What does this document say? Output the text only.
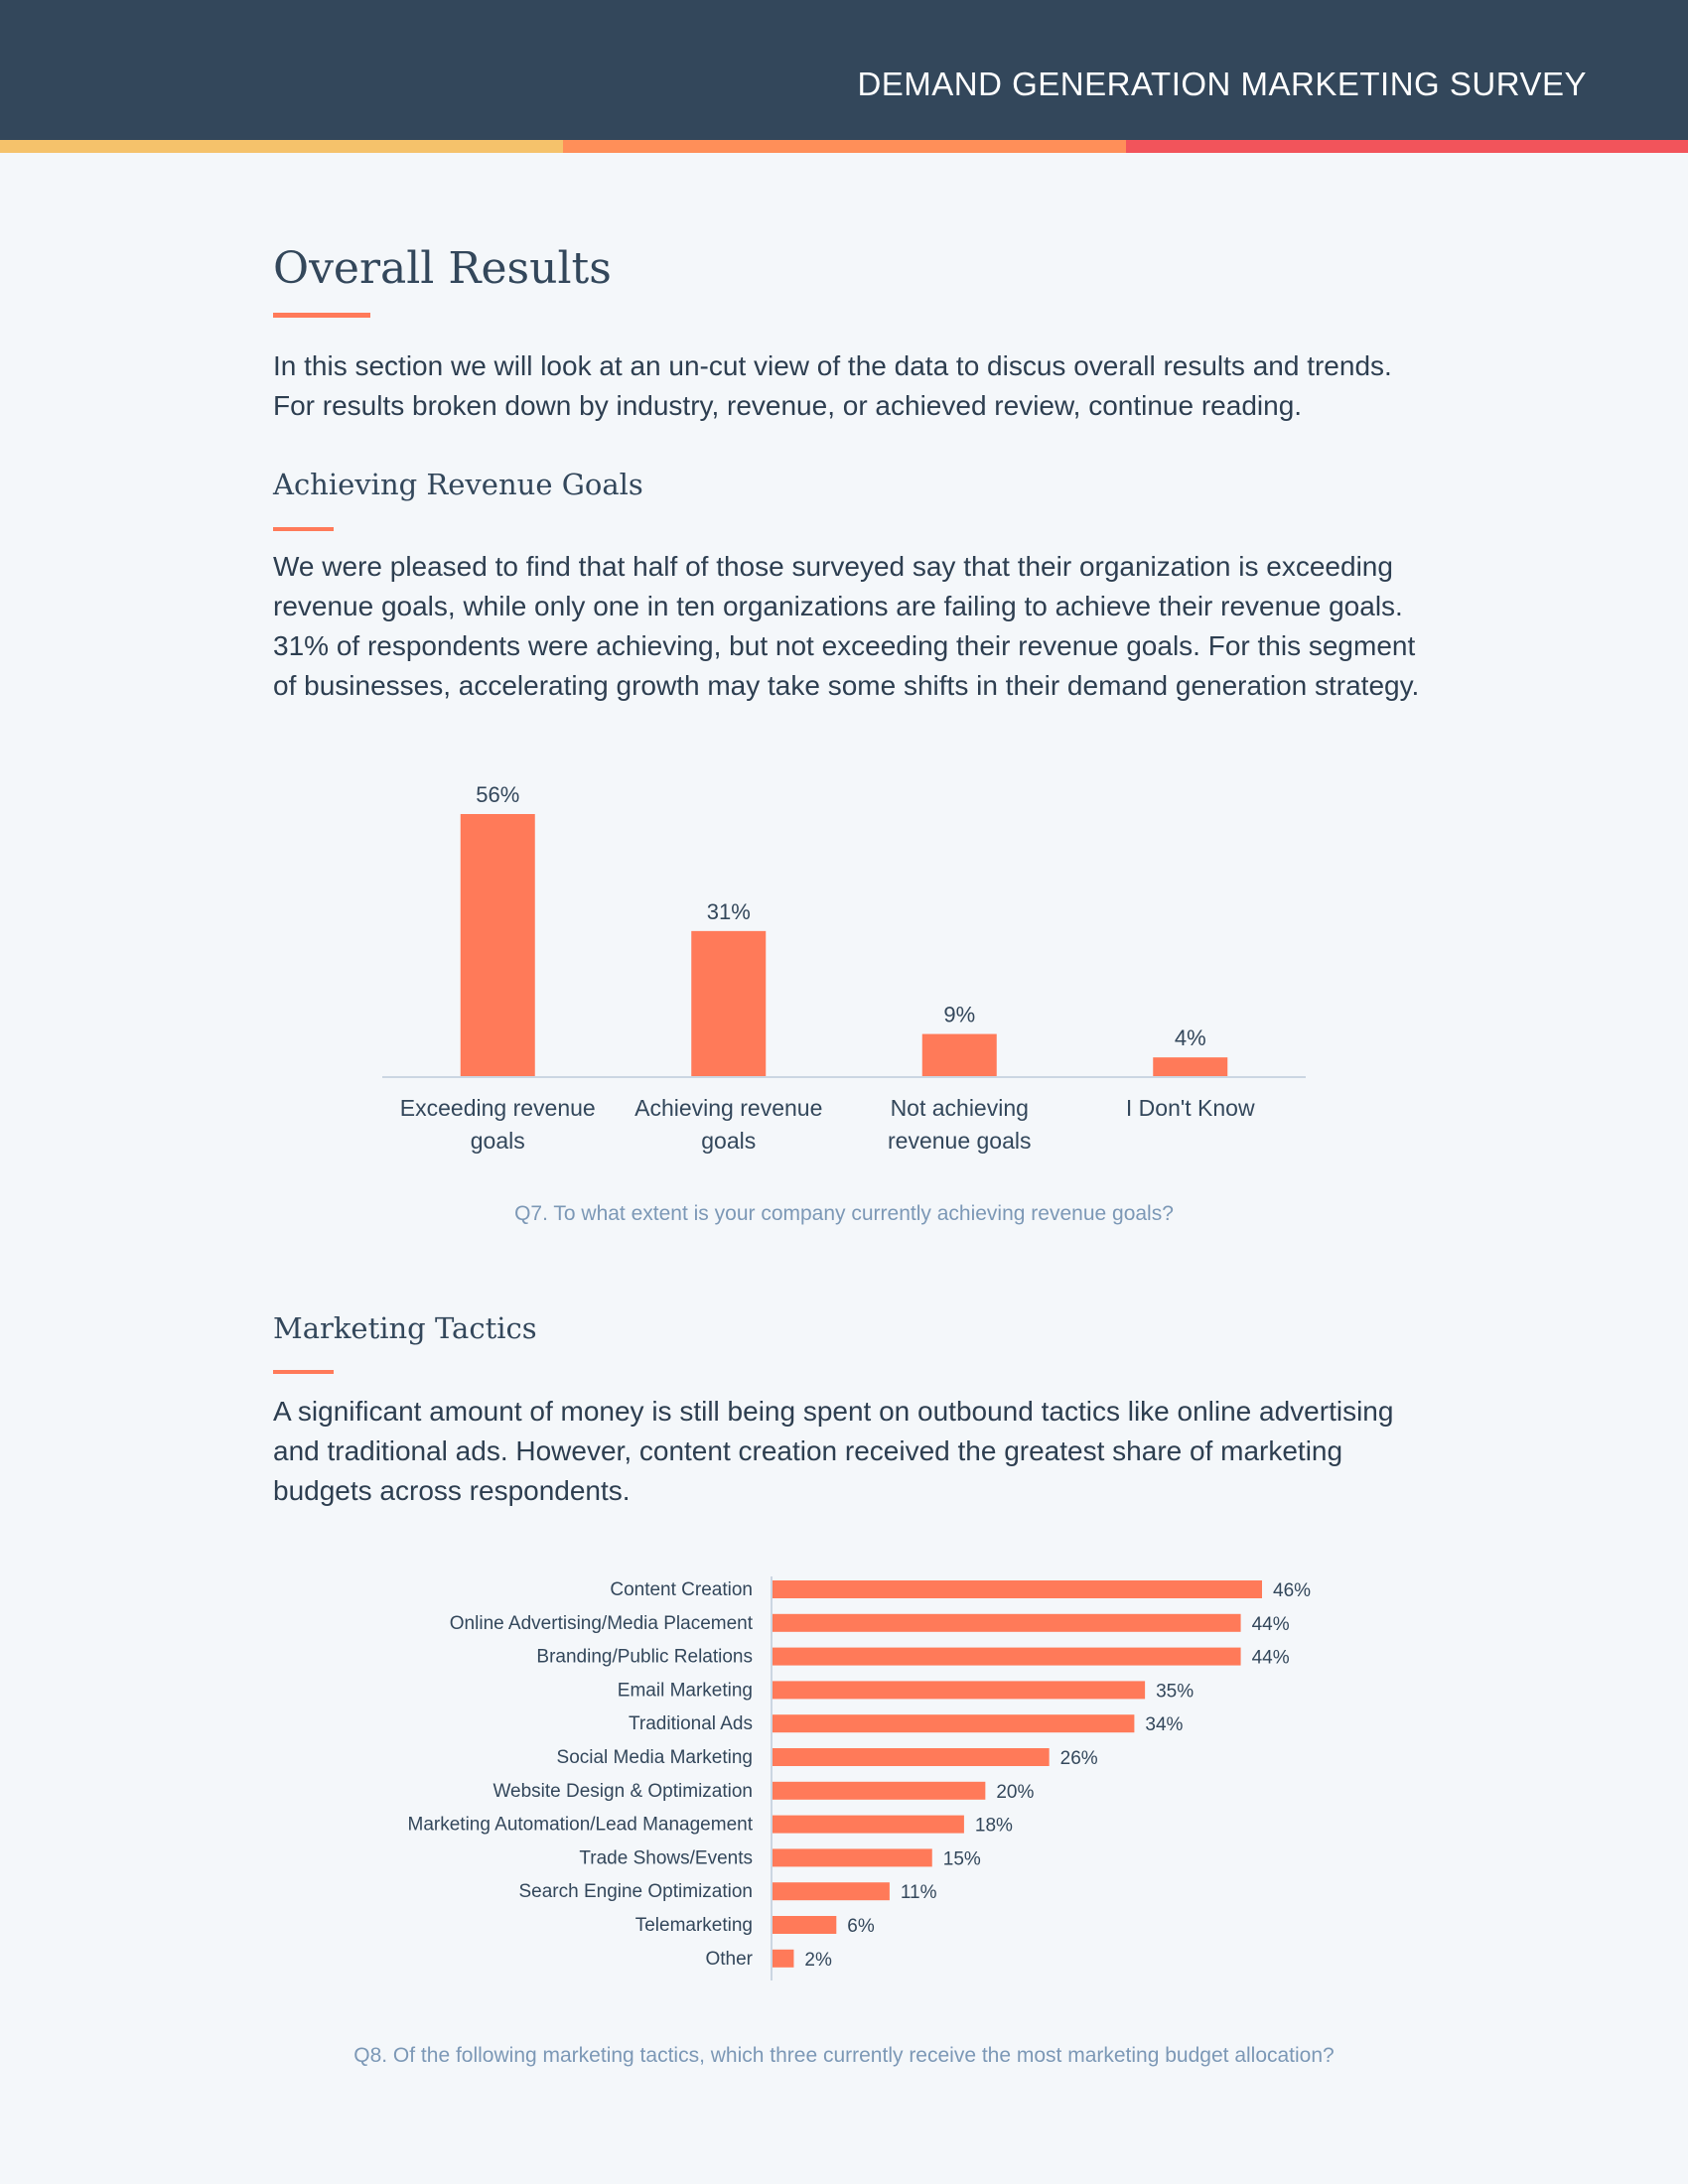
DEMAND GENERATION MARKETING SURVEY
Overall Results
In this section we will look at an un-cut view of the data to discus overall results and trends. For results broken down by industry, revenue, or achieved review, continue reading.
Achieving Revenue Goals
We were pleased to find that half of those surveyed say that their organization is exceeding revenue goals, while only one in ten organizations are failing to achieve their revenue goals. 31% of respondents were achieving, but not exceeding their revenue goals. For this segment of businesses, accelerating growth may take some shifts in their demand generation strategy.
56%
Exceeding revenue
goals
31%
Achieving revenue
goals
9%
Not achieving
revenue goals
4%
I Don't Know
Q7. To what extent is your company currently achieving revenue goals?
Marketing Tactics
A significant amount of money is still being spent on outbound tactics like online advertising and traditional ads. However, content creation received the greatest share of marketing budgets across respondents.
46%
Content Creation
44%
Online Advertising/Media Placement
44%
Branding/Public Relations
35%
Email Marketing
34%
Traditional Ads
26%
Social Media Marketing
20%
Website Design & Optimization
18%
Marketing Automation/Lead Management
15%
Trade Shows/Events
11%
Search Engine Optimization
6%
Telemarketing
2%
Other
Q8. Of the following marketing tactics, which three currently receive the most marketing budget allocation?
